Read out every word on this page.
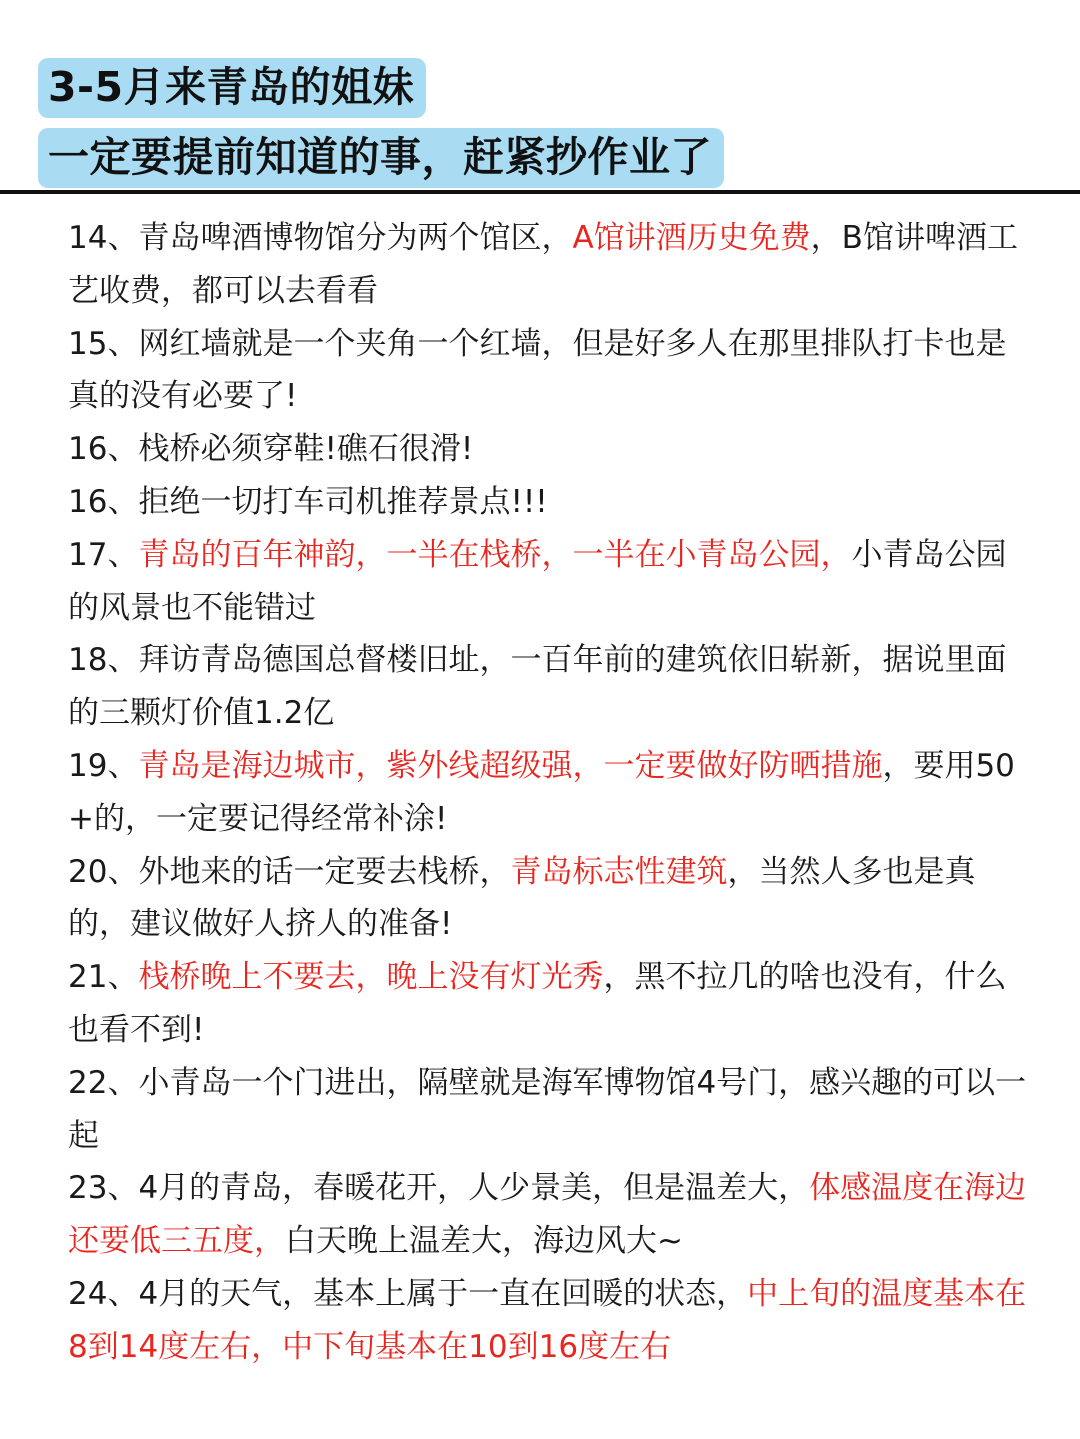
3-5月来青岛的姐妹
一定要提前知道的事，赶紧抄作业了

14、青岛啤酒博物馆分为两个馆区，A馆讲酒历史免费，B馆讲啤酒工艺收费，都可以去看看

15、网红墙就是一个夹角一个红墙，但是好多人在那里排队打卡也是真的没有必要了!

16、栈桥必须穿鞋!礁石很滑!

16、拒绝一切打车司机推荐景点!!!

17、青岛的百年神韵，一半在栈桥，一半在小青岛公园，小青岛公园的风景也不能错过

18、拜访青岛德国总督楼旧址，一百年前的建筑依旧崭新，据说里面的三颗灯价值1.2亿

19、青岛是海边城市，紫外线超级强，一定要做好防晒措施，要用50+的，一定要记得经常补涂!

20、外地来的话一定要去栈桥，青岛标志性建筑，当然人多也是真的，建议做好人挤人的准备!

21、栈桥晚上不要去，晚上没有灯光秀，黑不拉几的啥也没有，什么也看不到!

22、小青岛一个门进出，隔壁就是海军博物馆4号门，感兴趣的可以一起

23、4月的青岛，春暖花开，人少景美，但是温差大，体感温度在海边还要低三五度，白天晚上温差大，海边风大~

24、4月的天气，基本上属于一直在回暖的状态，中上旬的温度基本在8到14度左右，中下旬基本在10到16度左右
